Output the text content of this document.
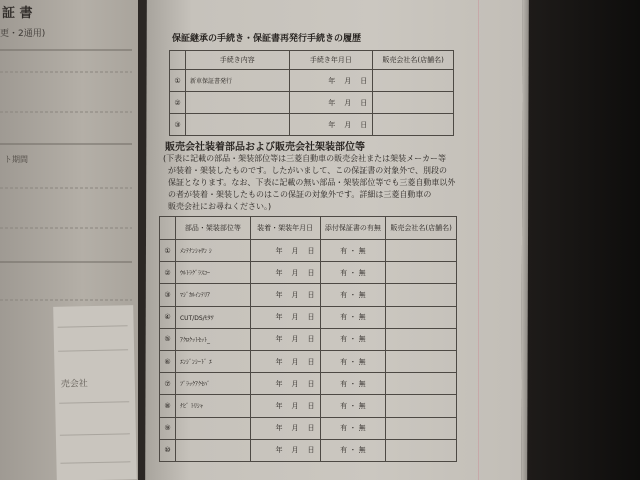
証 書
更・2通用)
ト期間
売会社
保証継承の手続き・保証書再発行手続きの履歴
	手続き内容	手続き年月日	販売会社名(店舗名)
①	新車保証書発行	年　月　日	
②		年　月　日	
③		年　月　日	
販売会社装着部品および販売会社架装部位等
(下表に記載の部品・架装部位等は三菱自動車の販売会社または架装メーカー等
が装着・架装したものです。したがいまして、この保証書の対象外で、別段の
保証となります。なお、下表に記載の無い部品・架装部位等でも三菱自動車以外
の者が装着・架装したものはこの保証の対象外です。詳細は三菱自動車の
販売会社にお尋ねください。)
	部品・架装部位等	装着・架装年月日	添付保証書の有無	販売会社名(店舗名)
①	ﾒﾝﾃﾅﾝｼｬｻﾝ ｼ	年　月　日	有 ・ 無	
②	ｳﾙﾄﾗｸﾞﾗｽｺｰ	年　月　日	有 ・ 無	
③	ﾏｼﾞｶﾙｲﾝﾃﾘｱ	年　月　日	有 ・ 無	
④	CUT/DS/ｾﾀﾜ	年　月　日	有 ・ 無	
⑤	ｱｸﾛｸｯﾄｾｯﾄ_	年　月　日	有 ・ 無	
⑥	ｴﾝｼﾞﾝｼｰﾄﾞ ｴ	年　月　日	有 ・ 無	
⑦	ﾌﾞﾗｯｸｱｸｾﾊﾞ	年　月　日	有 ・ 無	
⑧	ﾅﾋﾞ ﾄﾘｼｬ	年　月　日	有 ・ 無	
⑨		年　月　日	有 ・ 無	
⑩		年　月　日	有 ・ 無	
